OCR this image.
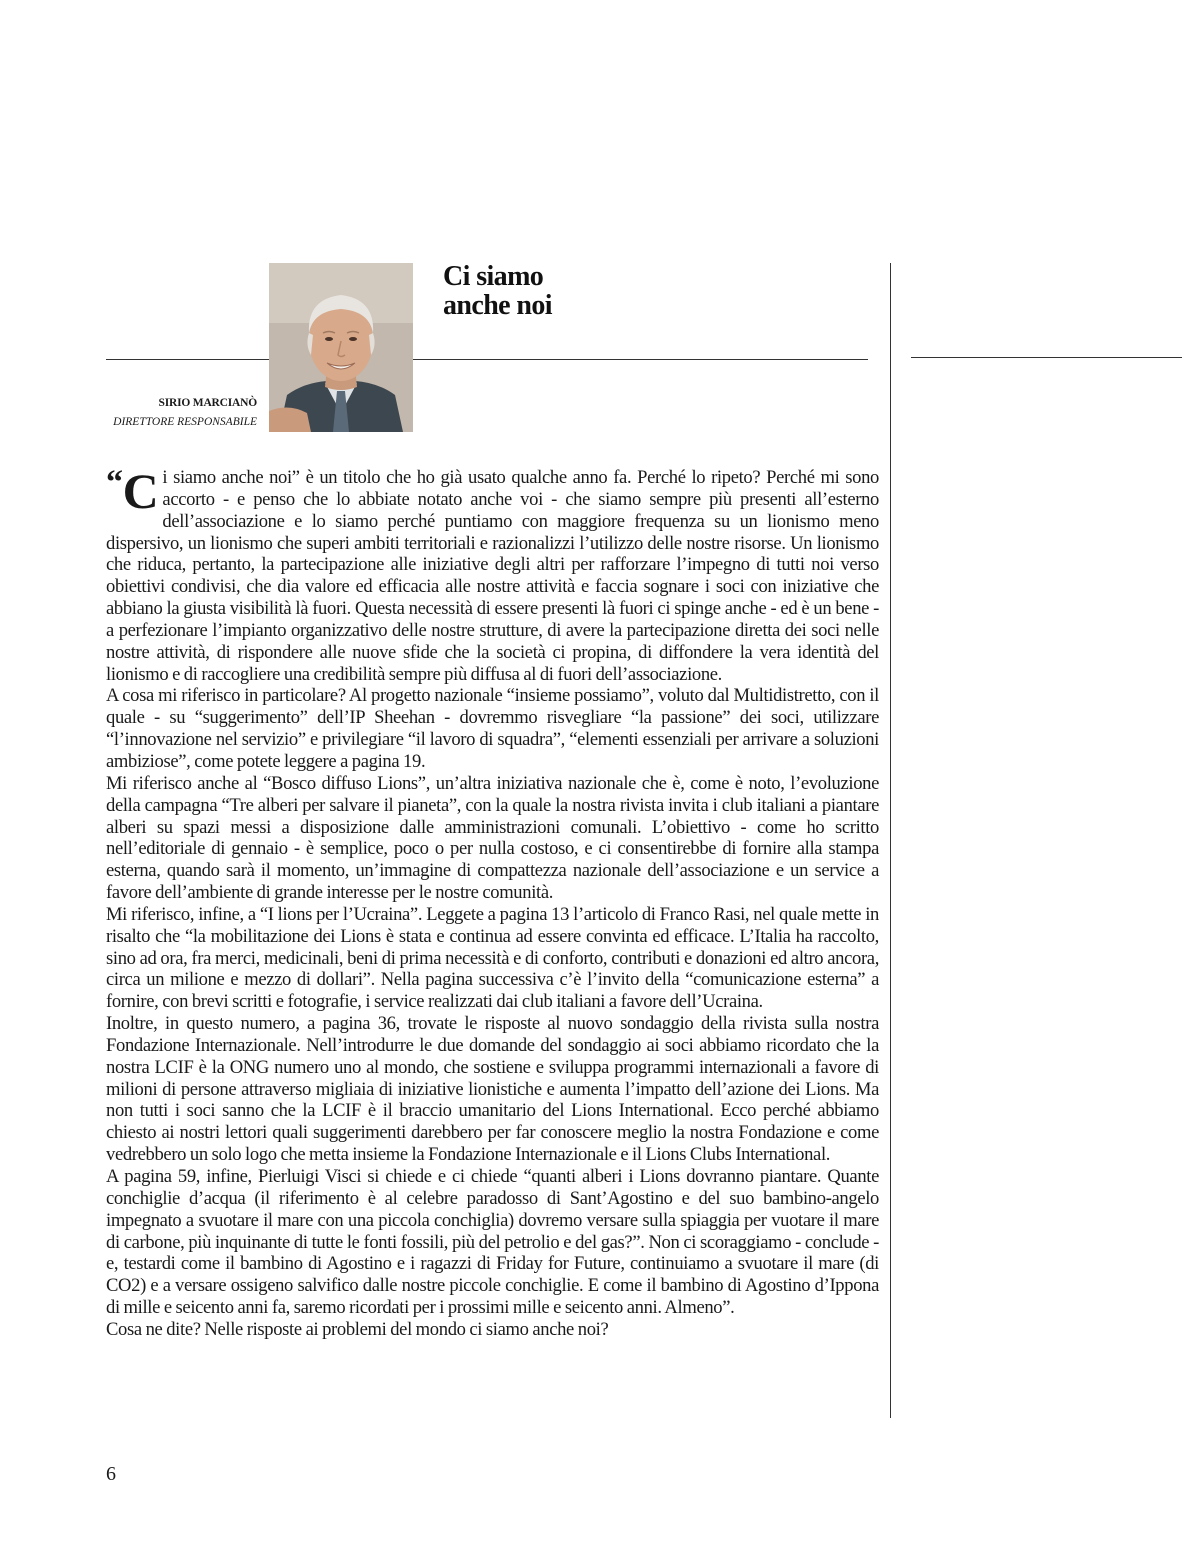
Ci siamo
anche noi
SIRIO MARCIANÒ
DIRETTORE RESPONSABILE

“C i siamo anche noi” è un titolo che ho già usato qualche anno fa. Perché lo ripeto? Perché mi sono accorto - e penso che lo abbiate notato anche voi - che siamo sempre più presenti all’esterno dell’associazione e lo siamo perché puntiamo con maggiore frequenza su un lionismo meno dispersivo, un lionismo che superi ambiti territoriali e razionalizzi l’utilizzo delle nostre risorse. Un lionismo che riduca, pertanto, la partecipazione alle iniziative degli altri per rafforzare l’impegno di tutti noi verso obiettivi condivisi, che dia valore ed efficacia alle nostre attività e faccia sognare i soci con iniziative che abbiano la giusta visibilità là fuori. Questa necessità di essere presenti là fuori ci spinge anche - ed è un bene - a perfezionare l’impianto organizzativo delle nostre strutture, di avere la partecipazione diretta dei soci nelle nostre attività, di rispondere alle nuove sfide che la società ci propina, di diffondere la vera identità del lionismo e di raccogliere una credibilità sempre più diffusa al di fuori dell’associazione.

A cosa mi riferisco in particolare? Al progetto nazionale “insieme possiamo”, voluto dal Multidistretto, con il quale - su “suggerimento” dell’IP Sheehan - dovremmo risvegliare “la passione” dei soci, utilizzare “l’innovazione nel servizio” e privilegiare “il lavoro di squadra”, “elementi essenziali per arrivare a soluzioni ambiziose”, come potete leggere a pagina 19.

Mi riferisco anche al “Bosco diffuso Lions”, un’altra iniziativa nazionale che è, come è noto, l’evoluzione della campagna “Tre alberi per salvare il pianeta”, con la quale la nostra rivista invita i club italiani a piantare alberi su spazi messi a disposizione dalle amministrazioni comunali. L’obiettivo - come ho scritto nell’editoriale di gennaio - è semplice, poco o per nulla costoso, e ci consentirebbe di fornire alla stampa esterna, quando sarà il momento, un’immagine di compattezza nazionale dell’associazione e un service a favore dell’ambiente di grande interesse per le nostre comunità.

Mi riferisco, infine, a “I lions per l’Ucraina”. Leggete a pagina 13 l’articolo di Franco Rasi, nel quale mette in risalto che “la mobilitazione dei Lions è stata e continua ad essere convinta ed efficace. L’Italia ha raccolto, sino ad ora, fra merci, medicinali, beni di prima necessità e di conforto, contributi e donazioni ed altro ancora, circa un milione e mezzo di dollari”. Nella pagina successiva c’è l’invito della “comunicazione esterna” a fornire, con brevi scritti e fotografie, i service realizzati dai club italiani a favore dell’Ucraina.

Inoltre, in questo numero, a pagina 36, trovate le risposte al nuovo sondaggio della rivista sulla nostra Fondazione Internazionale. Nell’introdurre le due domande del sondaggio ai soci abbiamo ricordato che la nostra LCIF è la ONG numero uno al mondo, che sostiene e sviluppa programmi internazionali a favore di milioni di persone attraverso migliaia di iniziative lionistiche e aumenta l’impatto dell’azione dei Lions. Ma non tutti i soci sanno che la LCIF è il braccio umanitario del Lions International. Ecco perché abbiamo chiesto ai nostri lettori quali suggerimenti darebbero per far conoscere meglio la nostra Fondazione e come vedrebbero un solo logo che metta insieme la Fondazione Internazionale e il Lions Clubs International.

A pagina 59, infine, Pierluigi Visci si chiede e ci chiede “quanti alberi i Lions dovranno piantare. Quante conchiglie d’acqua (il riferimento è al celebre paradosso di Sant’Agostino e del suo bambino-angelo impegnato a svuotare il mare con una piccola conchiglia) dovremo versare sulla spiaggia per vuotare il mare di carbone, più inquinante di tutte le fonti fossili, più del petrolio e del gas?”. Non ci scoraggiamo - conclude - e, testardi come il bambino di Agostino e i ragazzi di Friday for Future, continuiamo a svuotare il mare (di CO2) e a versare ossigeno salvifico dalle nostre piccole conchiglie. E come il bambino di Agostino d’Ippona di mille e seicento anni fa, saremo ricordati per i prossimi mille e seicento anni. Almeno”.

Cosa ne dite? Nelle risposte ai problemi del mondo ci siamo anche noi?

6
